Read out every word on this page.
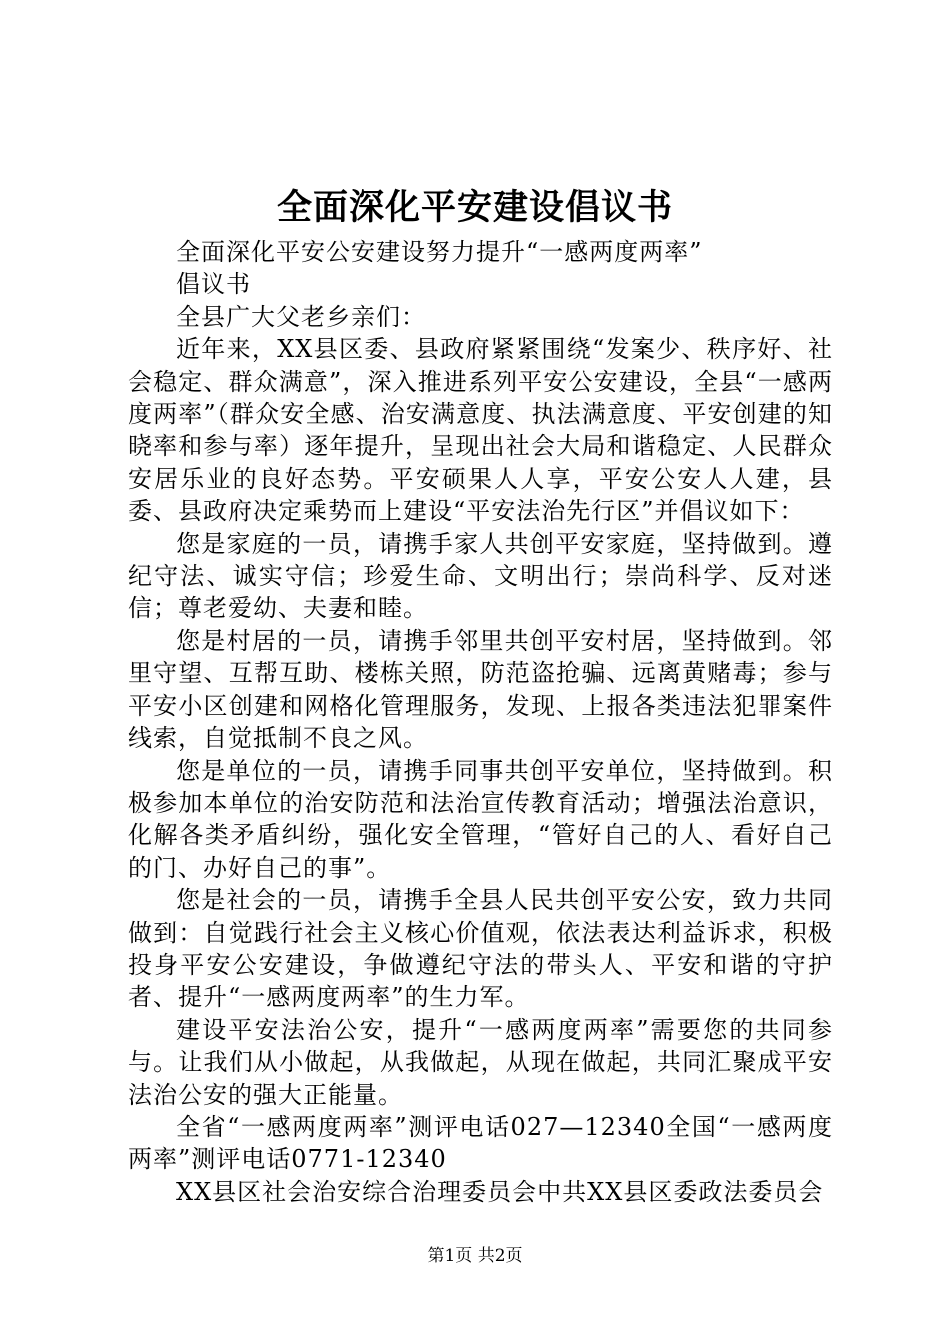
全面深化平安建设倡议书

全面深化平安公安建设努力提升“一感两度两率”

倡议书

全县广大父老乡亲们：

近年来，XX县区委、县政府紧紧围绕“发案少、秩序好、社会稳定、群众满意”，深入推进系列平安公安建设，全县“一感两度两率”（群众安全感、治安满意度、执法满意度、平安创建的知晓率和参与率）逐年提升，呈现出社会大局和谐稳定、人民群众安居乐业的良好态势。平安硕果人人享，平安公安人人建，县委、县政府决定乘势而上建设“平安法治先行区”并倡议如下：

您是家庭的一员，请携手家人共创平安家庭，坚持做到。遵纪守法、诚实守信；珍爱生命、文明出行；崇尚科学、反对迷信；尊老爱幼、夫妻和睦。

您是村居的一员，请携手邻里共创平安村居，坚持做到。邻里守望、互帮互助、楼栋关照，防范盗抢骗、远离黄赌毒；参与平安小区创建和网格化管理服务，发现、上报各类违法犯罪案件线索，自觉抵制不良之风。

您是单位的一员，请携手同事共创平安单位，坚持做到。积极参加本单位的治安防范和法治宣传教育活动；增强法治意识，化解各类矛盾纠纷，强化安全管理，“管好自己的人、看好自己的门、办好自己的事”。

您是社会的一员，请携手全县人民共创平安公安，致力共同做到：自觉践行社会主义核心价值观，依法表达利益诉求，积极投身平安公安建设，争做遵纪守法的带头人、平安和谐的守护者、提升“一感两度两率”的生力军。

建设平安法治公安，提升“一感两度两率”需要您的共同参与。让我们从小做起，从我做起，从现在做起，共同汇聚成平安法治公安的强大正能量。

全省“一感两度两率”测评电话027—12340全国“一感两度两率”测评电话0771-12340

XX县区社会治安综合治理委员会中共XX县区委政法委员会

第1页 共2页
